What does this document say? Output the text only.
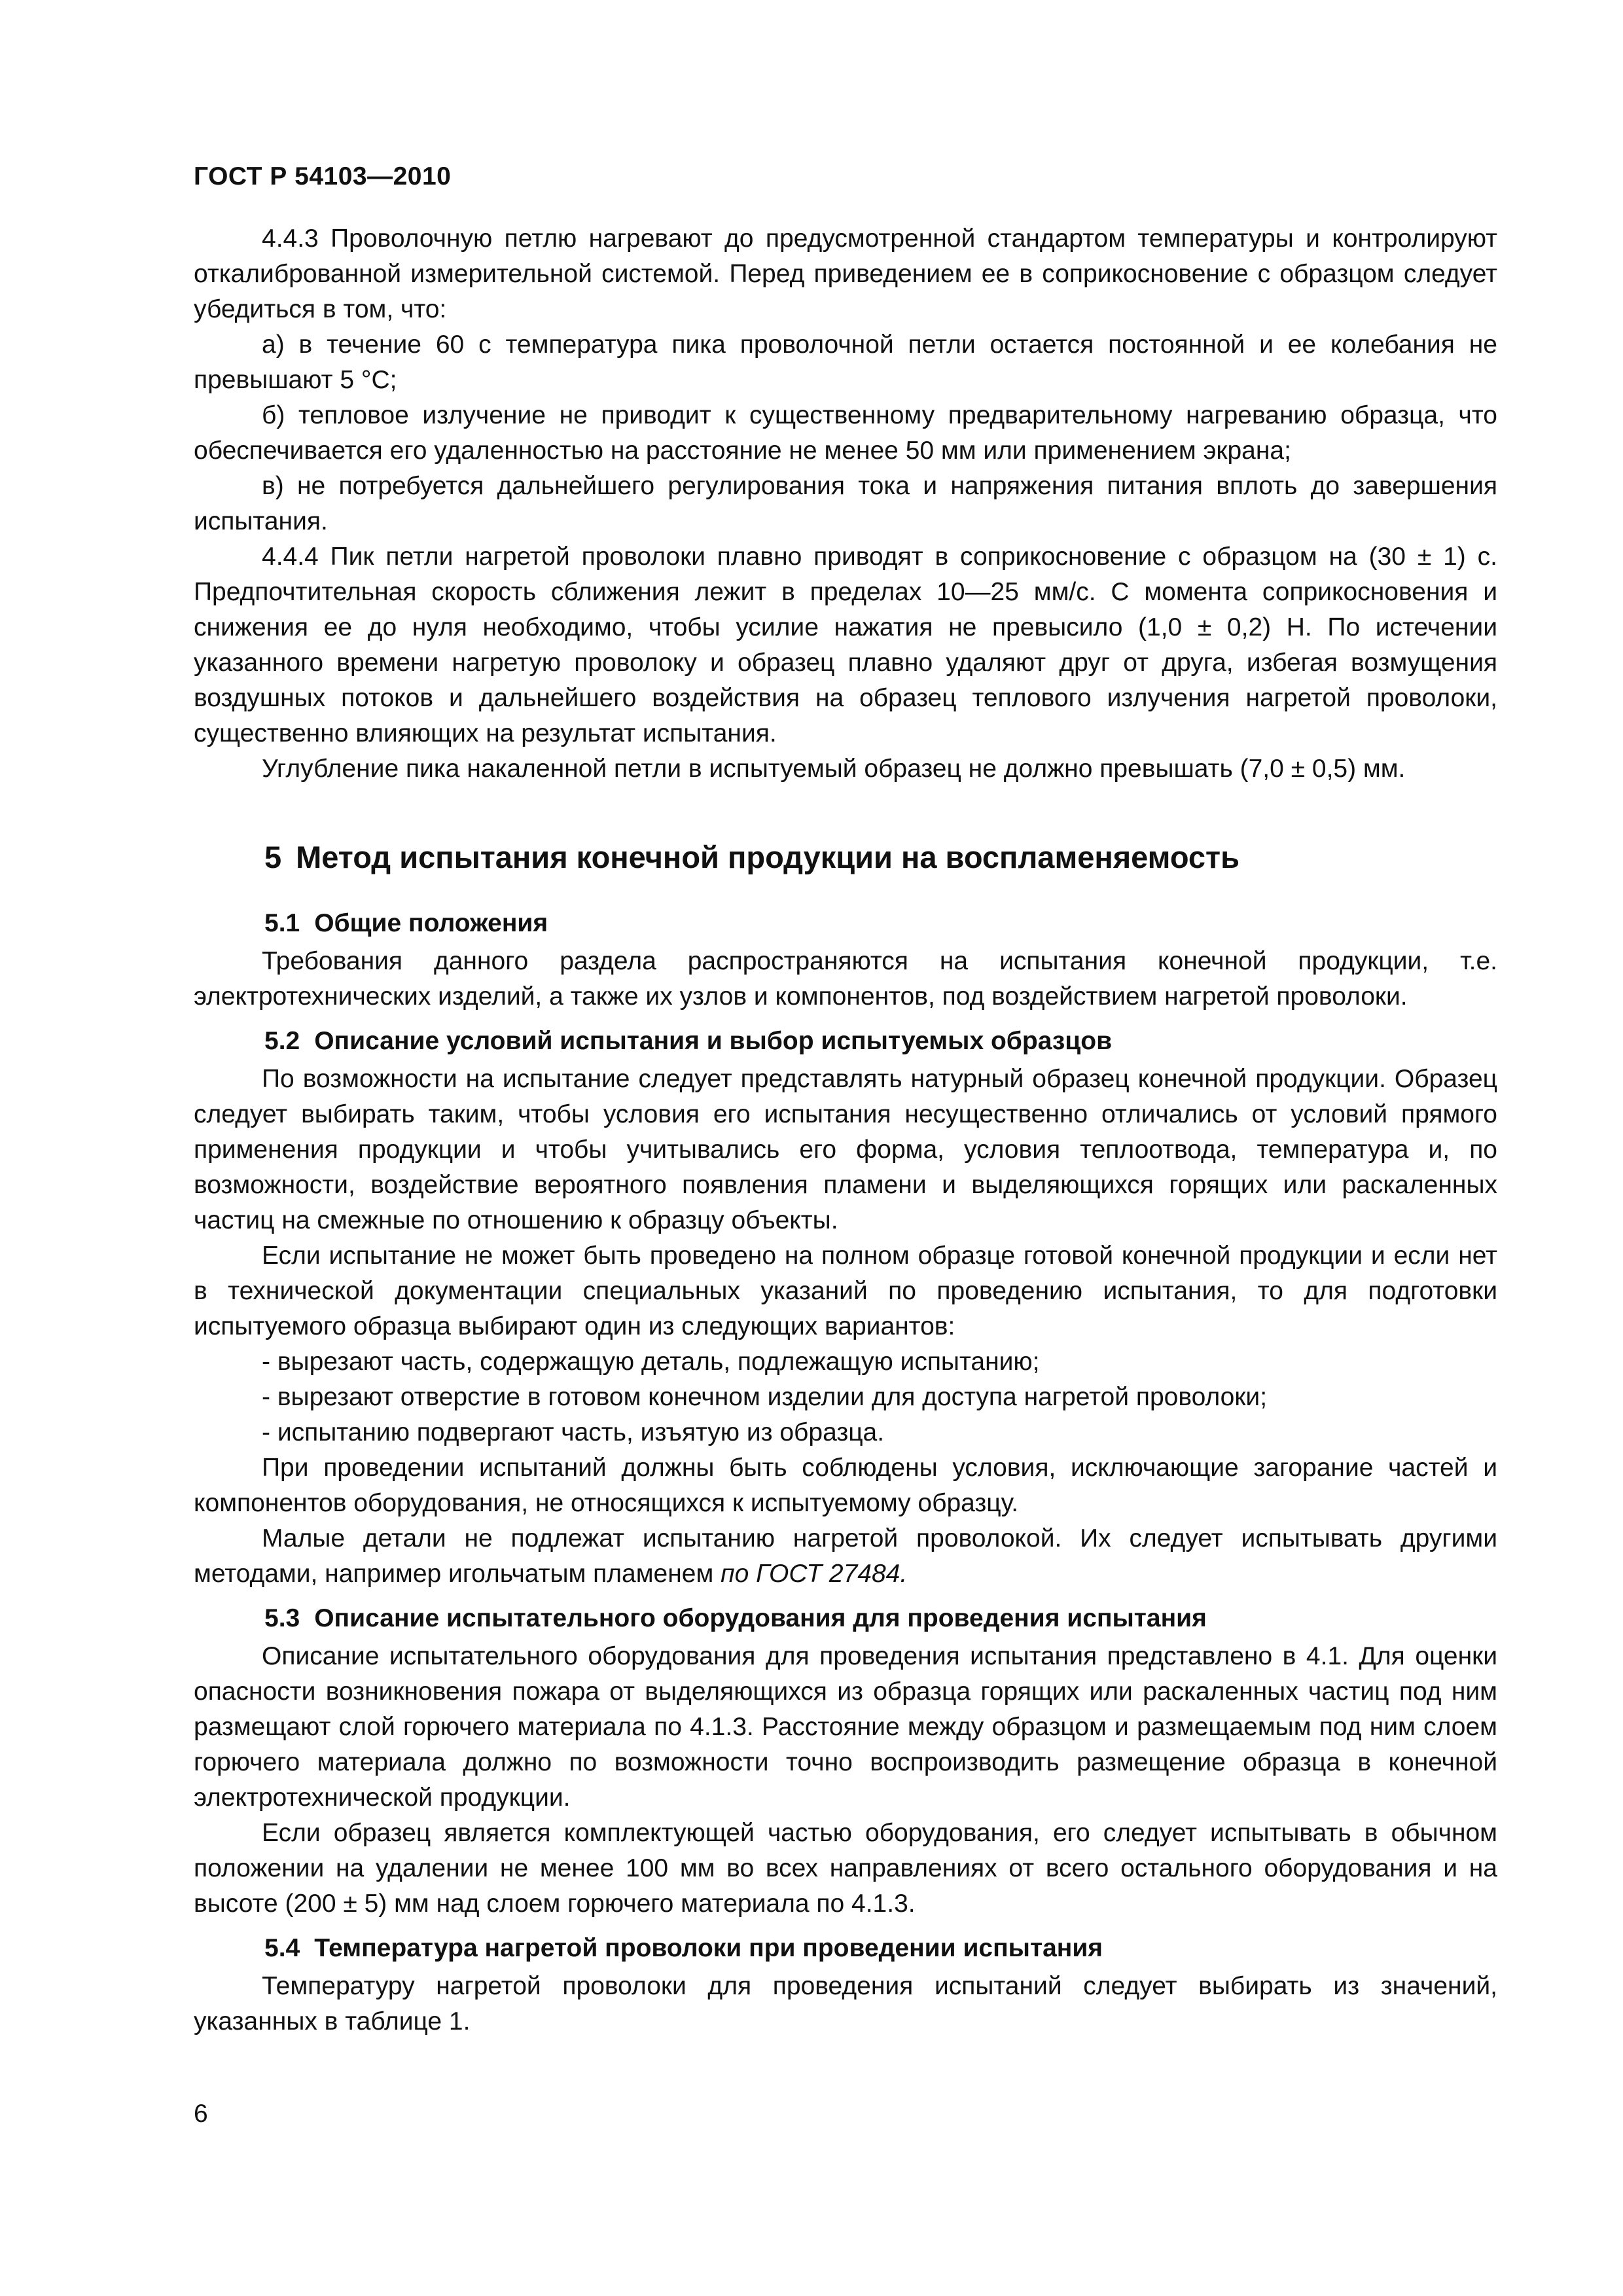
ГОСТ Р 54103—2010

4.4.3 Проволочную петлю нагревают до предусмотренной стандартом температуры и контролируют откалиброванной измерительной системой. Перед приведением ее в соприкосновение с образцом следует убедиться в том, что:

а) в течение 60 с температура пика проволочной петли остается постоянной и ее колебания не превышают 5 °С;

б) тепловое излучение не приводит к существенному предварительному нагреванию образца, что обеспечивается его удаленностью на расстояние не менее 50 мм или применением экрана;

в) не потребуется дальнейшего регулирования тока и напряжения питания вплоть до завершения испытания.

4.4.4 Пик петли нагретой проволоки плавно приводят в соприкосновение с образцом на (30 ± 1) с. Предпочтительная скорость сближения лежит в пределах 10—25 мм/с. С момента соприкосновения и снижения ее до нуля необходимо, чтобы усилие нажатия не превысило (1,0 ± 0,2) Н. По истечении указанного времени нагретую проволоку и образец плавно удаляют друг от друга, избегая возмущения воздушных потоков и дальнейшего воздействия на образец теплового излучения нагретой проволоки, существенно влияющих на результат испытания.

Углубление пика накаленной петли в испытуемый образец не должно превышать (7,0 ± 0,5) мм.

5 Метод испытания конечной продукции на воспламеняемость
5.1 Общие положения

Требования данного раздела распространяются на испытания конечной продукции, т.е. электротехнических изделий, а также их узлов и компонентов, под воздействием нагретой проволоки.

5.2 Описание условий испытания и выбор испытуемых образцов

По возможности на испытание следует представлять натурный образец конечной продукции. Образец следует выбирать таким, чтобы условия его испытания несущественно отличались от условий прямого применения продукции и чтобы учитывались его форма, условия теплоотвода, температура и, по возможности, воздействие вероятного появления пламени и выделяющихся горящих или раскаленных частиц на смежные по отношению к образцу объекты.

Если испытание не может быть проведено на полном образце готовой конечной продукции и если нет в технической документации специальных указаний по проведению испытания, то для подготовки испытуемого образца выбирают один из следующих вариантов:

- вырезают часть, содержащую деталь, подлежащую испытанию;

- вырезают отверстие в готовом конечном изделии для доступа нагретой проволоки;

- испытанию подвергают часть, изъятую из образца.

При проведении испытаний должны быть соблюдены условия, исключающие загорание частей и компонентов оборудования, не относящихся к испытуемому образцу.

Малые детали не подлежат испытанию нагретой проволокой. Их следует испытывать другими методами, например игольчатым пламенем по ГОСТ 27484.

5.3 Описание испытательного оборудования для проведения испытания

Описание испытательного оборудования для проведения испытания представлено в 4.1. Для оценки опасности возникновения пожара от выделяющихся из образца горящих или раскаленных частиц под ним размещают слой горючего материала по 4.1.3. Расстояние между образцом и размещаемым под ним слоем горючего материала должно по возможности точно воспроизводить размещение образца в конечной электротехнической продукции.

Если образец является комплектующей частью оборудования, его следует испытывать в обычном положении на удалении не менее 100 мм во всех направлениях от всего остального оборудования и на высоте (200 ± 5) мм над слоем горючего материала по 4.1.3.

5.4 Температура нагретой проволоки при проведении испытания

Температуру нагретой проволоки для проведения испытаний следует выбирать из значений, указанных в таблице 1.

6
